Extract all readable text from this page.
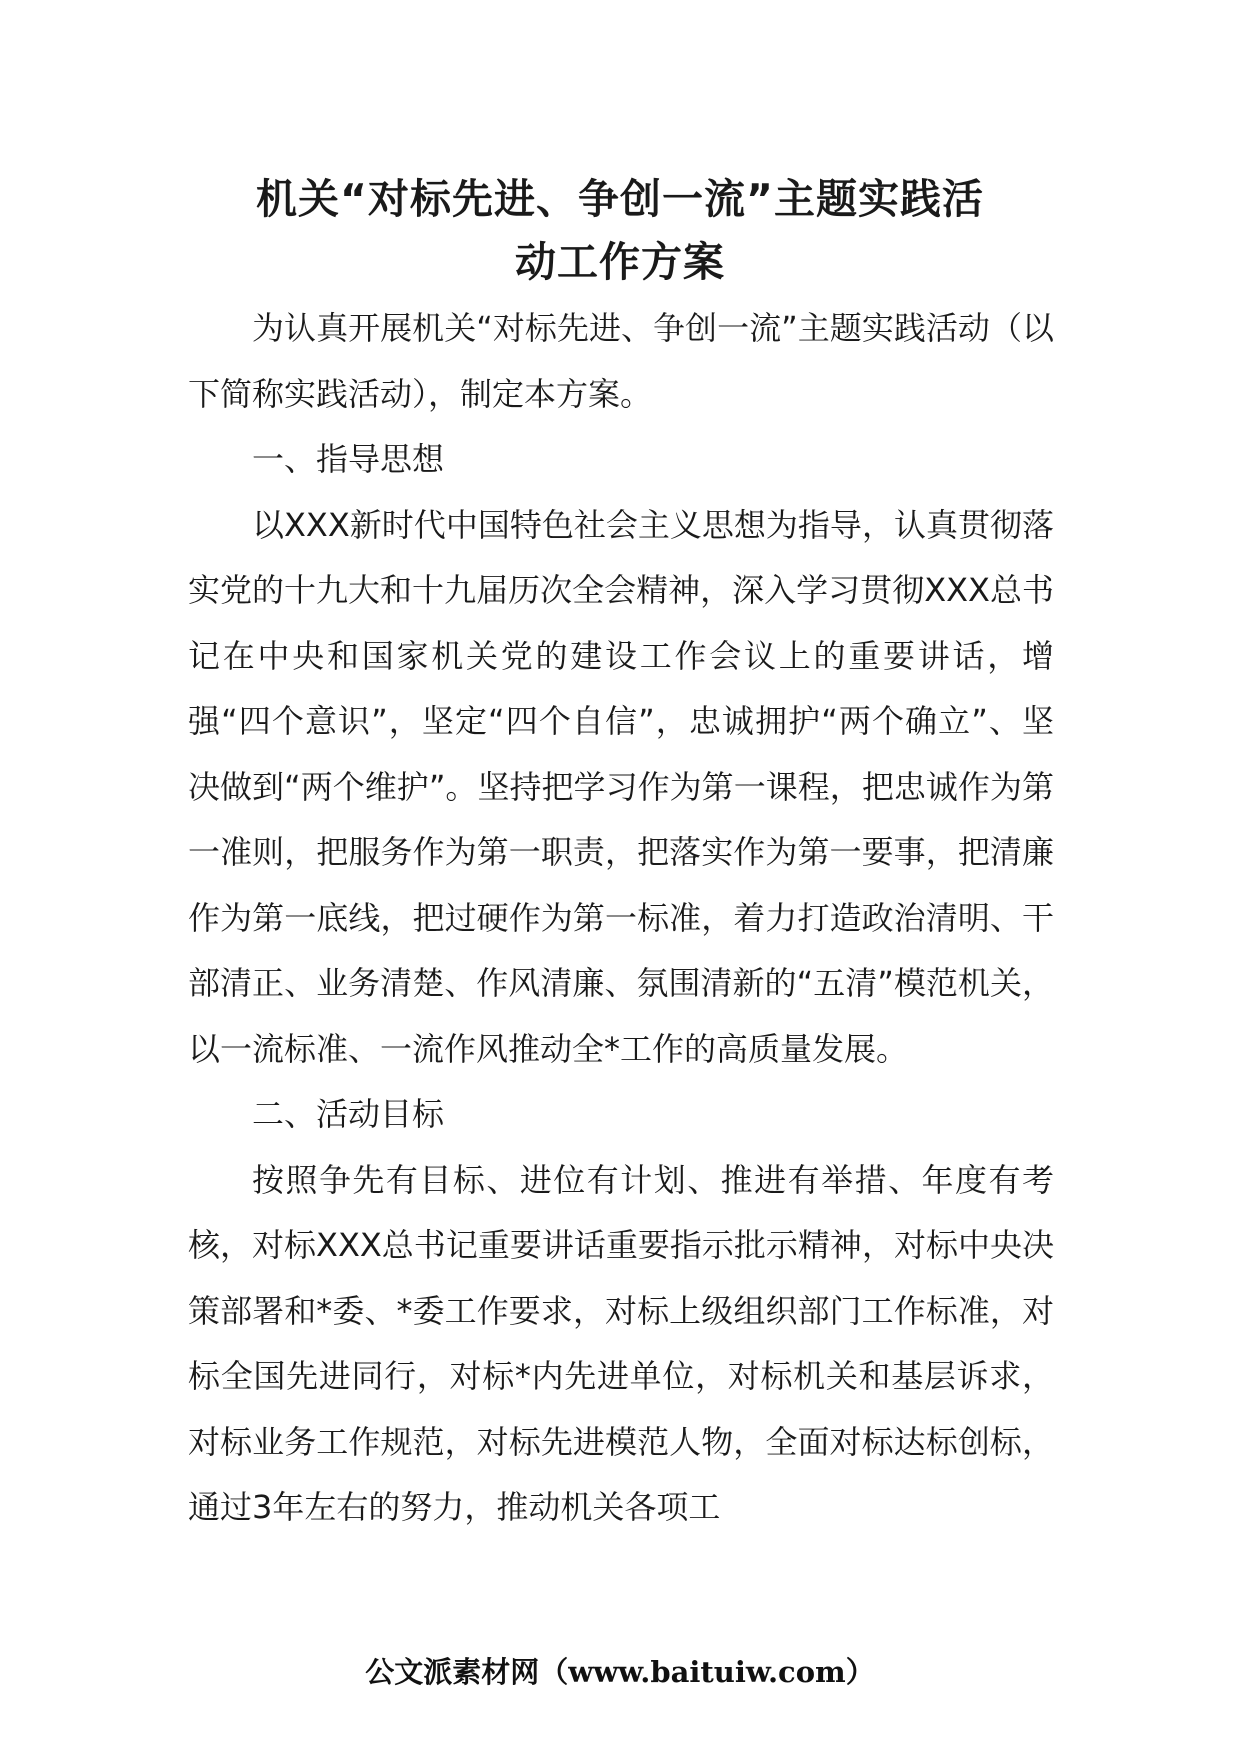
机关“对标先进、争创一流”主题实践活
动工作方案

为认真开展机关“对标先进、争创一流”主题实践活动（以下简称实践活动），制定本方案。

一、指导思想

以XXX新时代中国特色社会主义思想为指导，认真贯彻落实党的十九大和十九届历次全会精神，深入学习贯彻XXX总书记在中央和国家机关党的建设工作会议上的重要讲话，增强“四个意识”，坚定“四个自信”，忠诚拥护“两个确立”、坚决做到“两个维护”。坚持把学习作为第一课程，把忠诚作为第一准则，把服务作为第一职责，把落实作为第一要事，把清廉作为第一底线，把过硬作为第一标准，着力打造政治清明、干部清正、业务清楚、作风清廉、氛围清新的“五清”模范机关，以一流标准、一流作风推动全*工作的高质量发展。

二、活动目标

按照争先有目标、进位有计划、推进有举措、年度有考核，对标XXX总书记重要讲话重要指示批示精神，对标中央决策部署和*委、*委工作要求，对标上级组织部门工作标准，对标全国先进同行，对标*内先进单位，对标机关和基层诉求，对标业务工作规范，对标先进模范人物，全面对标达标创标，通过3年左右的努力，推动机关各项工

公文派素材网（www.baituiw.com）
